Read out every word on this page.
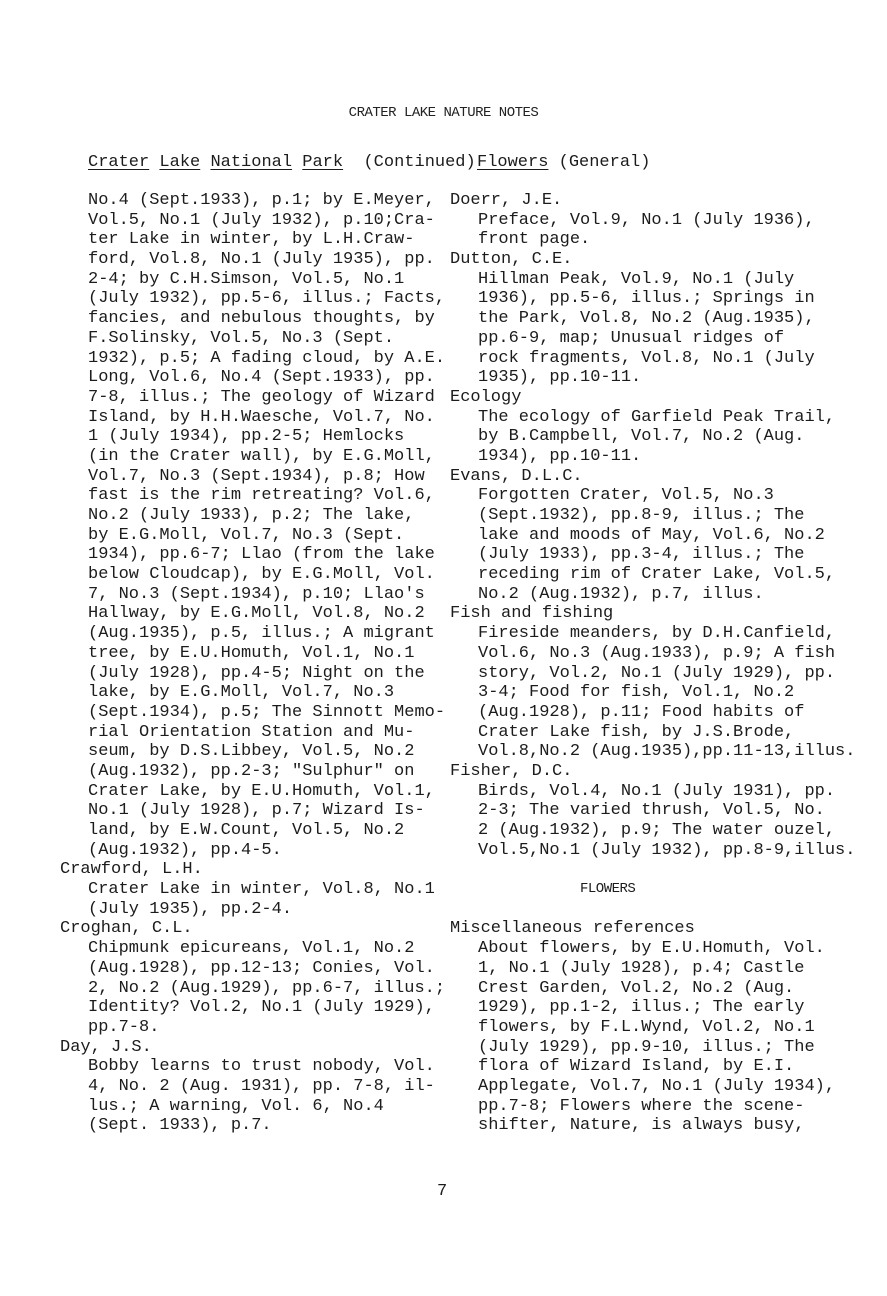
CRATER LAKE NATURE NOTES
Crater Lake National Park (Continued) Flowers (General)
No.4 (Sept.1933), p.1; by E.Meyer,
Vol.5, No.1 (July 1932), p.10;Cra-
ter Lake in winter, by L.H.Craw-
ford, Vol.8, No.1 (July 1935), pp.
2-4; by C.H.Simson, Vol.5, No.1
(July 1932), pp.5-6, illus.; Facts,
fancies, and nebulous thoughts, by
F.Solinsky, Vol.5, No.3 (Sept.
1932), p.5; A fading cloud, by A.E.
Long, Vol.6, No.4 (Sept.1933), pp.
7-8, illus.; The geology of Wizard
Island, by H.H.Waesche, Vol.7, No.
1 (July 1934), pp.2-5; Hemlocks
(in the Crater wall), by E.G.Moll,
Vol.7, No.3 (Sept.1934), p.8; How
fast is the rim retreating? Vol.6,
No.2 (July 1933), p.2; The lake,
by E.G.Moll, Vol.7, No.3 (Sept.
1934), pp.6-7; Llao (from the lake
below Cloudcap), by E.G.Moll, Vol.
7, No.3 (Sept.1934), p.10; Llao's
Hallway, by E.G.Moll, Vol.8, No.2
(Aug.1935), p.5, illus.; A migrant
tree, by E.U.Homuth, Vol.1, No.1
(July 1928), pp.4-5; Night on the
lake, by E.G.Moll, Vol.7, No.3
(Sept.1934), p.5; The Sinnott Memo-
rial Orientation Station and Mu-
seum, by D.S.Libbey, Vol.5, No.2
(Aug.1932), pp.2-3; "Sulphur" on
Crater Lake, by E.U.Homuth, Vol.1,
No.1 (July 1928), p.7; Wizard Is-
land, by E.W.Count, Vol.5, No.2
(Aug.1932), pp.4-5.
Crawford, L.H.
Crater Lake in winter, Vol.8, No.1
(July 1935), pp.2-4.
Croghan, C.L.
Chipmunk epicureans, Vol.1, No.2
(Aug.1928), pp.12-13; Conies, Vol.
2, No.2 (Aug.1929), pp.6-7, illus.;
Identity? Vol.2, No.1 (July 1929),
pp.7-8.
Day, J.S.
Bobby learns to trust nobody, Vol.
4, No. 2 (Aug. 1931), pp. 7-8, il-
lus.; A warning, Vol. 6, No.4
(Sept. 1933), p.7.
Doerr, J.E.
Preface, Vol.9, No.1 (July 1936),
front page.
Dutton, C.E.
Hillman Peak, Vol.9, No.1 (July
1936), pp.5-6, illus.; Springs in
the Park, Vol.8, No.2 (Aug.1935),
pp.6-9, map; Unusual ridges of
rock fragments, Vol.8, No.1 (July
1935), pp.10-11.
Ecology
The ecology of Garfield Peak Trail,
by B.Campbell, Vol.7, No.2 (Aug.
1934), pp.10-11.
Evans, D.L.C.
Forgotten Crater, Vol.5, No.3
(Sept.1932), pp.8-9, illus.; The
lake and moods of May, Vol.6, No.2
(July 1933), pp.3-4, illus.; The
receding rim of Crater Lake, Vol.5,
No.2 (Aug.1932), p.7, illus.
Fish and fishing
Fireside meanders, by D.H.Canfield,
Vol.6, No.3 (Aug.1933), p.9; A fish
story, Vol.2, No.1 (July 1929), pp.
3-4; Food for fish, Vol.1, No.2
(Aug.1928), p.11; Food habits of
Crater Lake fish, by J.S.Brode,
Vol.8,No.2 (Aug.1935),pp.11-13,illus.
Fisher, D.C.
Birds, Vol.4, No.1 (July 1931), pp.
2-3; The varied thrush, Vol.5, No.
2 (Aug.1932), p.9; The water ouzel,
Vol.5,No.1 (July 1932), pp.8-9,illus.
FLOWERS
Miscellaneous references
About flowers, by E.U.Homuth, Vol.
1, No.1 (July 1928), p.4; Castle
Crest Garden, Vol.2, No.2 (Aug.
1929), pp.1-2, illus.; The early
flowers, by F.L.Wynd, Vol.2, No.1
(July 1929), pp.9-10, illus.; The
flora of Wizard Island, by E.I.
Applegate, Vol.7, No.1 (July 1934),
pp.7-8; Flowers where the scene-
shifter, Nature, is always busy,
7
